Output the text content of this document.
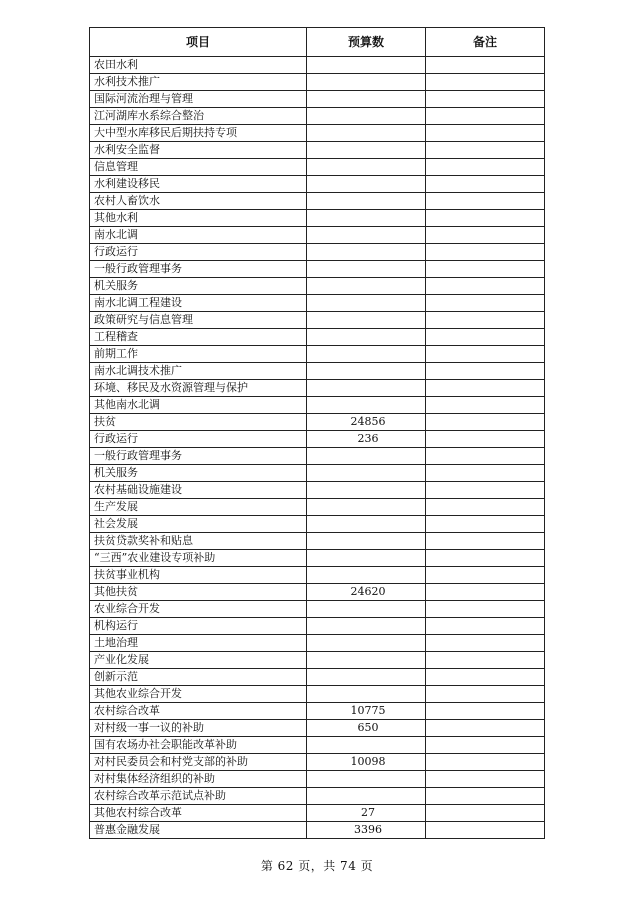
项目	预算数	备注
农田水利		
水利技术推广		
国际河流治理与管理		
江河湖库水系综合整治		
大中型水库移民后期扶持专项		
水利安全监督		
信息管理		
水利建设移民		
农村人畜饮水		
其他水利		
南水北调		
行政运行		
一般行政管理事务		
机关服务		
南水北调工程建设		
政策研究与信息管理		
工程稽查		
前期工作		
南水北调技术推广		
环境、移民及水资源管理与保护		
其他南水北调		
扶贫	24856	
行政运行	236	
一般行政管理事务		
机关服务		
农村基础设施建设		
生产发展		
社会发展		
扶贫贷款奖补和贴息		
“三西”农业建设专项补助		
扶贫事业机构		
其他扶贫	24620	
农业综合开发		
机构运行		
土地治理		
产业化发展		
创新示范		
其他农业综合开发		
农村综合改革	10775	
对村级一事一议的补助	650	
国有农场办社会职能改革补助		
对村民委员会和村党支部的补助	10098	
对村集体经济组织的补助		
农村综合改革示范试点补助		
其他农村综合改革	27	
普惠金融发展	3396	
第 62 页，共 74 页
